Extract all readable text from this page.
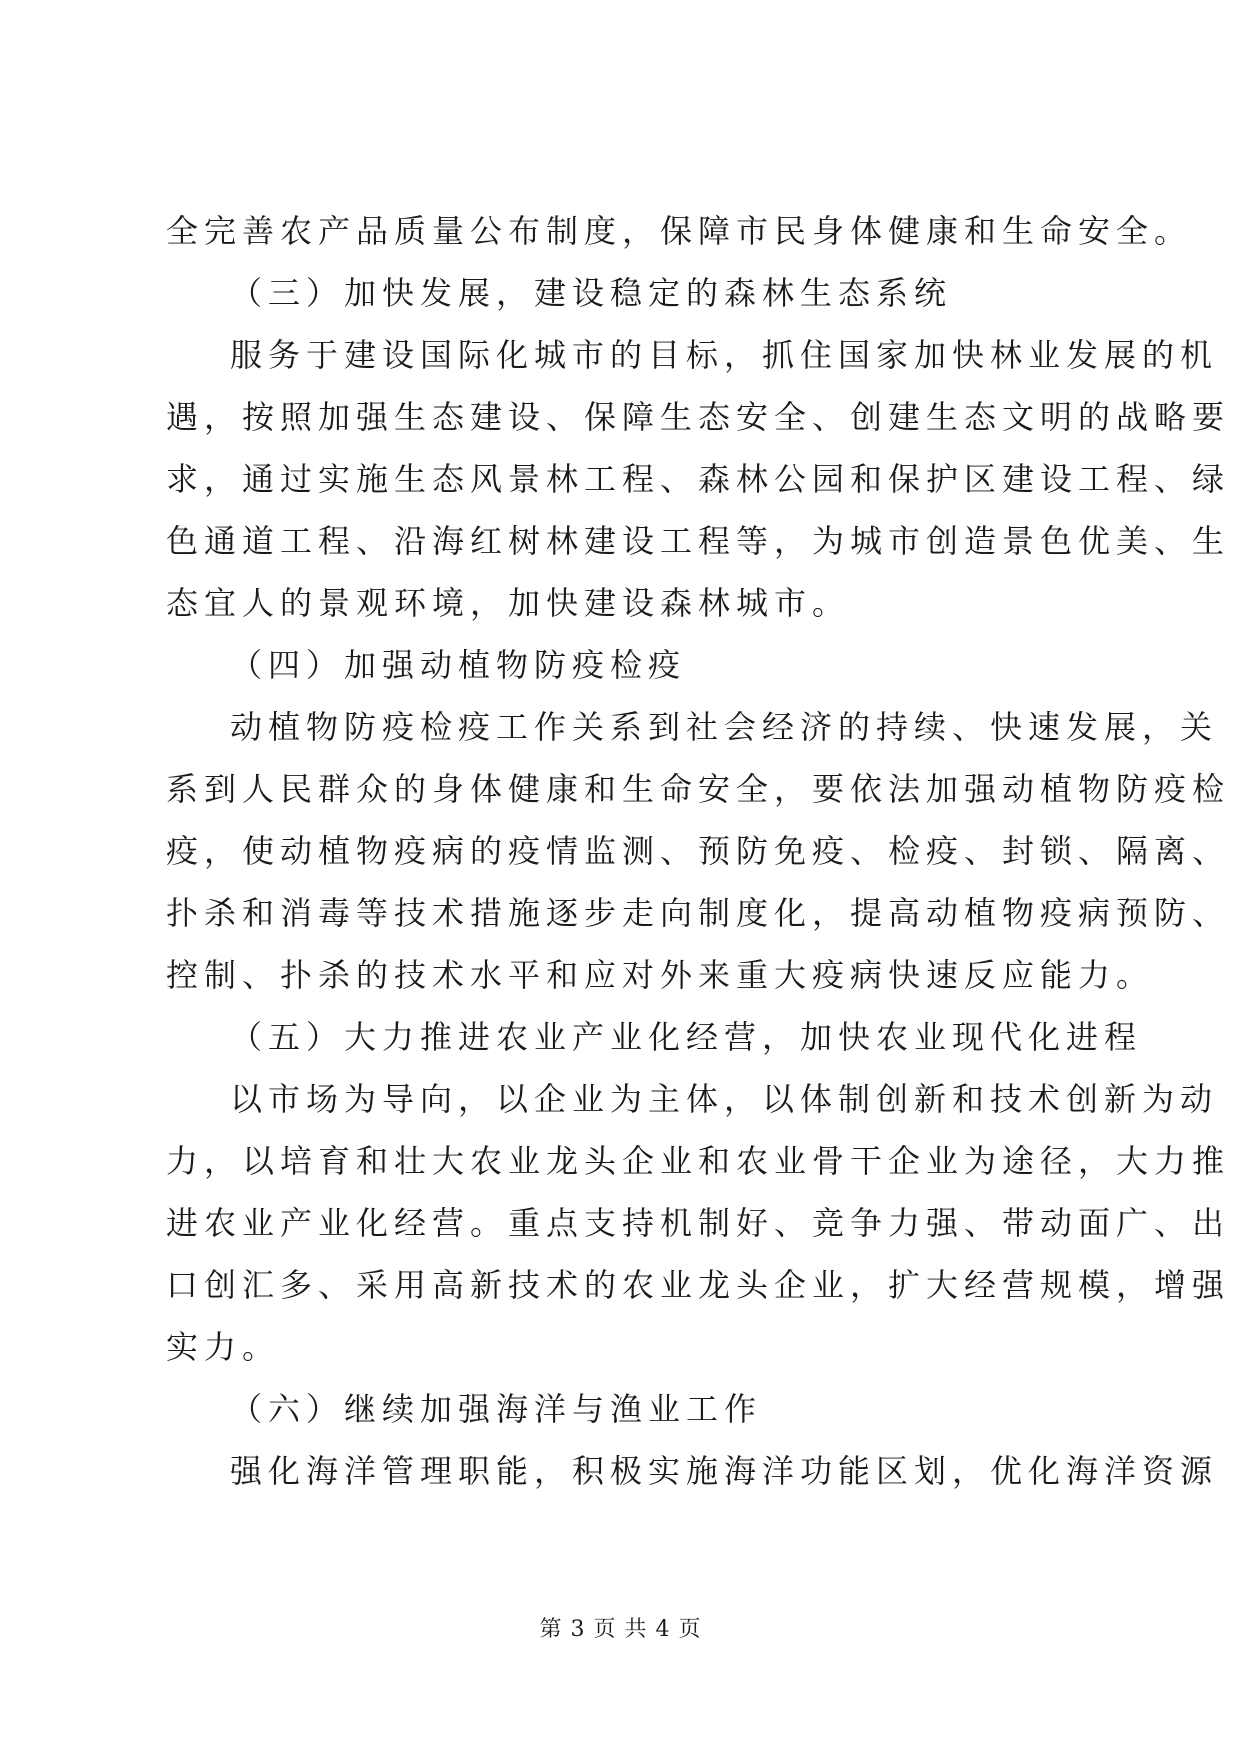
全完善农产品质量公布制度，保障市民身体健康和生命安全。
（三）加快发展，建设稳定的森林生态系统
服务于建设国际化城市的目标，抓住国家加快林业发展的机
遇，按照加强生态建设、保障生态安全、创建生态文明的战略要
求，通过实施生态风景林工程、森林公园和保护区建设工程、绿
色通道工程、沿海红树林建设工程等，为城市创造景色优美、生
态宜人的景观环境，加快建设森林城市。
（四）加强动植物防疫检疫
动植物防疫检疫工作关系到社会经济的持续、快速发展，关
系到人民群众的身体健康和生命安全，要依法加强动植物防疫检
疫，使动植物疫病的疫情监测、预防免疫、检疫、封锁、隔离、
扑杀和消毒等技术措施逐步走向制度化，提高动植物疫病预防、
控制、扑杀的技术水平和应对外来重大疫病快速反应能力。
（五）大力推进农业产业化经营，加快农业现代化进程
以市场为导向，以企业为主体，以体制创新和技术创新为动
力，以培育和壮大农业龙头企业和农业骨干企业为途径，大力推
进农业产业化经营。重点支持机制好、竞争力强、带动面广、出
口创汇多、采用高新技术的农业龙头企业，扩大经营规模，增强
实力。
（六）继续加强海洋与渔业工作
强化海洋管理职能，积极实施海洋功能区划，优化海洋资源
第 3 页 共 4 页
